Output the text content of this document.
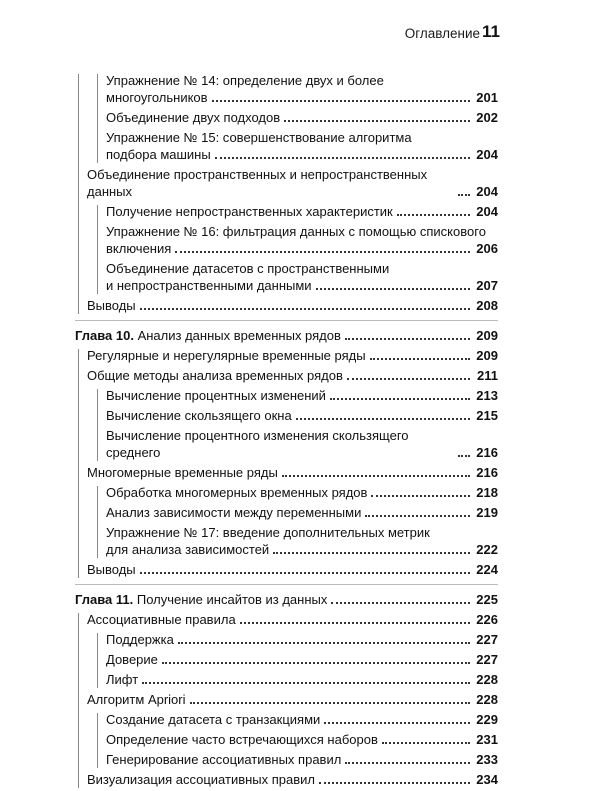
Оглавление 11
Упражнение № 14: определение двух и более
многоугольников	201
Объединение двух подходов	202
Упражнение № 15: совершенствование алгоритма
подбора машины	204
Объединение пространственных и непространственных данных	204
Получение непространственных характеристик	204
Упражнение № 16: фильтрация данных с помощью спискового
включения	206
Объединение датасетов с пространственными
и непространственными данными	207
Выводы	208
Глава 10. Анализ данных временных рядов	209
Регулярные и нерегулярные временные ряды	209
Общие методы анализа временных рядов	211
Вычисление процентных изменений	213
Вычисление скользящего окна	215
Вычисление процентного изменения скользящего среднего	216
Многомерные временные ряды	216
Обработка многомерных временных рядов	218
Анализ зависимости между переменными	219
Упражнение № 17: введение дополнительных метрик
для анализа зависимостей	222
Выводы	224
Глава 11. Получение инсайтов из данных	225
Ассоциативные правила	226
Поддержка	227
Доверие	227
Лифт	228
Алгоритм Apriori	228
Создание датасета с транзакциями	229
Определение часто встречающихся наборов	231
Генерирование ассоциативных правил	233
Визуализация ассоциативных правил	234
